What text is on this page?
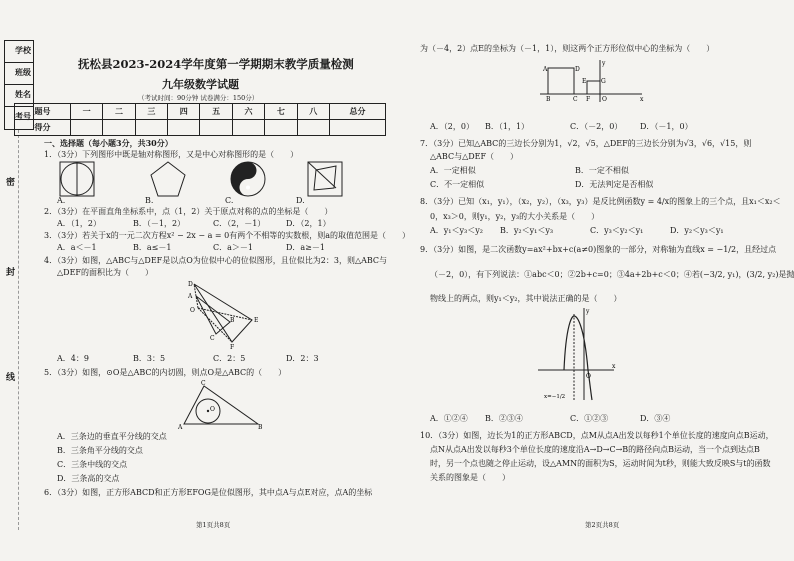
学校
班级
姓名
考号
密
封
线
抚松县2023-2024学年度第一学期期末教学质量检测
九年级数学试题
（考试时间：90分钟 试卷满分：150分）
题号	一	二	三	四	五	六	七	八	总分
得分									
一、选择题（每小题3分，共30分）
1．（3分）下列图形中既是轴对称图形，又是中心对称图形的是（　　）
A.	B.	C.	D.
2．（3分）在平面直角坐标系中，点（1，2）关于原点对称的点的坐标是（　　）
A．（1，2）	B．（－1，2）	C．（2，－1）	D．（2，1）
3．（3分）若关于x的一元二次方程x² − 2x − a = 0有两个不相等的实数根，则a的取值范围是（　　）
A．a＜－1	B．a≤－1	C．a＞－1	D．a≥－1
4．（3分）如图，△ABC与△DEF是以点O为位似中心的位似图形，且位似比为2：3，则△ABC与
△DEF的面积比为（　　）
D
A
O
C
B
F
E
A．4：9	B．3：5	C．2：5	D．2：3
5．（3分）如图，⊙O是△ABC的内切圆，则点O是△ABC的（　　）
C
O
A	B
A．三条边的垂直平分线的交点
B．三条角平分线的交点
C．三条中线的交点
D．三条高的交点
6．（3分）如图，正方形ABCD和正方形EFOG是位似图形，其中点A与点E对应，点A的坐标
第1页共8页
为（－4，2）点E的坐标为（－1，1），则这两个正方形位似中心的坐标为（　　）
A	D
E G
B	C F O	x
y
A．（2，0） B．（1，1）	C．（－2，0） D．（－1，0）
7．（3分）已知△ABC的三边长分别为1，√2，√5，△DEF的三边长分别为√3，√6，√15，则
△ABC与△DEF（　　）
A．一定相似	B．一定不相似
C．不一定相似	D．无法判定是否相似
8．（3分）已知（x₁，y₁），（x₂，y₂），（x₃，y₃）是反比例函数y = 4/x的图象上的三个点，且x₁＜x₂＜
0，x₃＞0，则y₁，y₂，y₃的大小关系是（　　）
A．y₁＜y₃＜y₂ B．y₂＜y₁＜y₃	C．y₃＜y₂＜y₁	D．y₂＜y₃＜y₁
9．（3分）如图，是二次函数y=ax²+bx+c(a≠0)图象的一部分，对称轴为直线x = −1/2，且经过点
（－2，0），有下列说法：①abc＜0；②2b+c=0；③4a+2b+c＜0；④若(−3/2, y₁)，(3/2, y₂)是抛
物线上的两点，则y₁＜y₂，其中说法正确的是（　　）
y
O
x
x=−1/2
A．①②④ B．②③④	C．①②③	D．③④
10．（3分）如图，边长为1的正方形ABCD，点M从点A出发以每秒1个单位长度的速度向点B运动，
点N从点A出发以每秒3个单位长度的速度沿A→D→C→B的路径向点B运动，当一个点到达点B
时，另一个点也随之停止运动，设△AMN的面积为S，运动时间为t秒，则能大致反映S与t的函数
关系的图象是（　　）
第2页共8页
